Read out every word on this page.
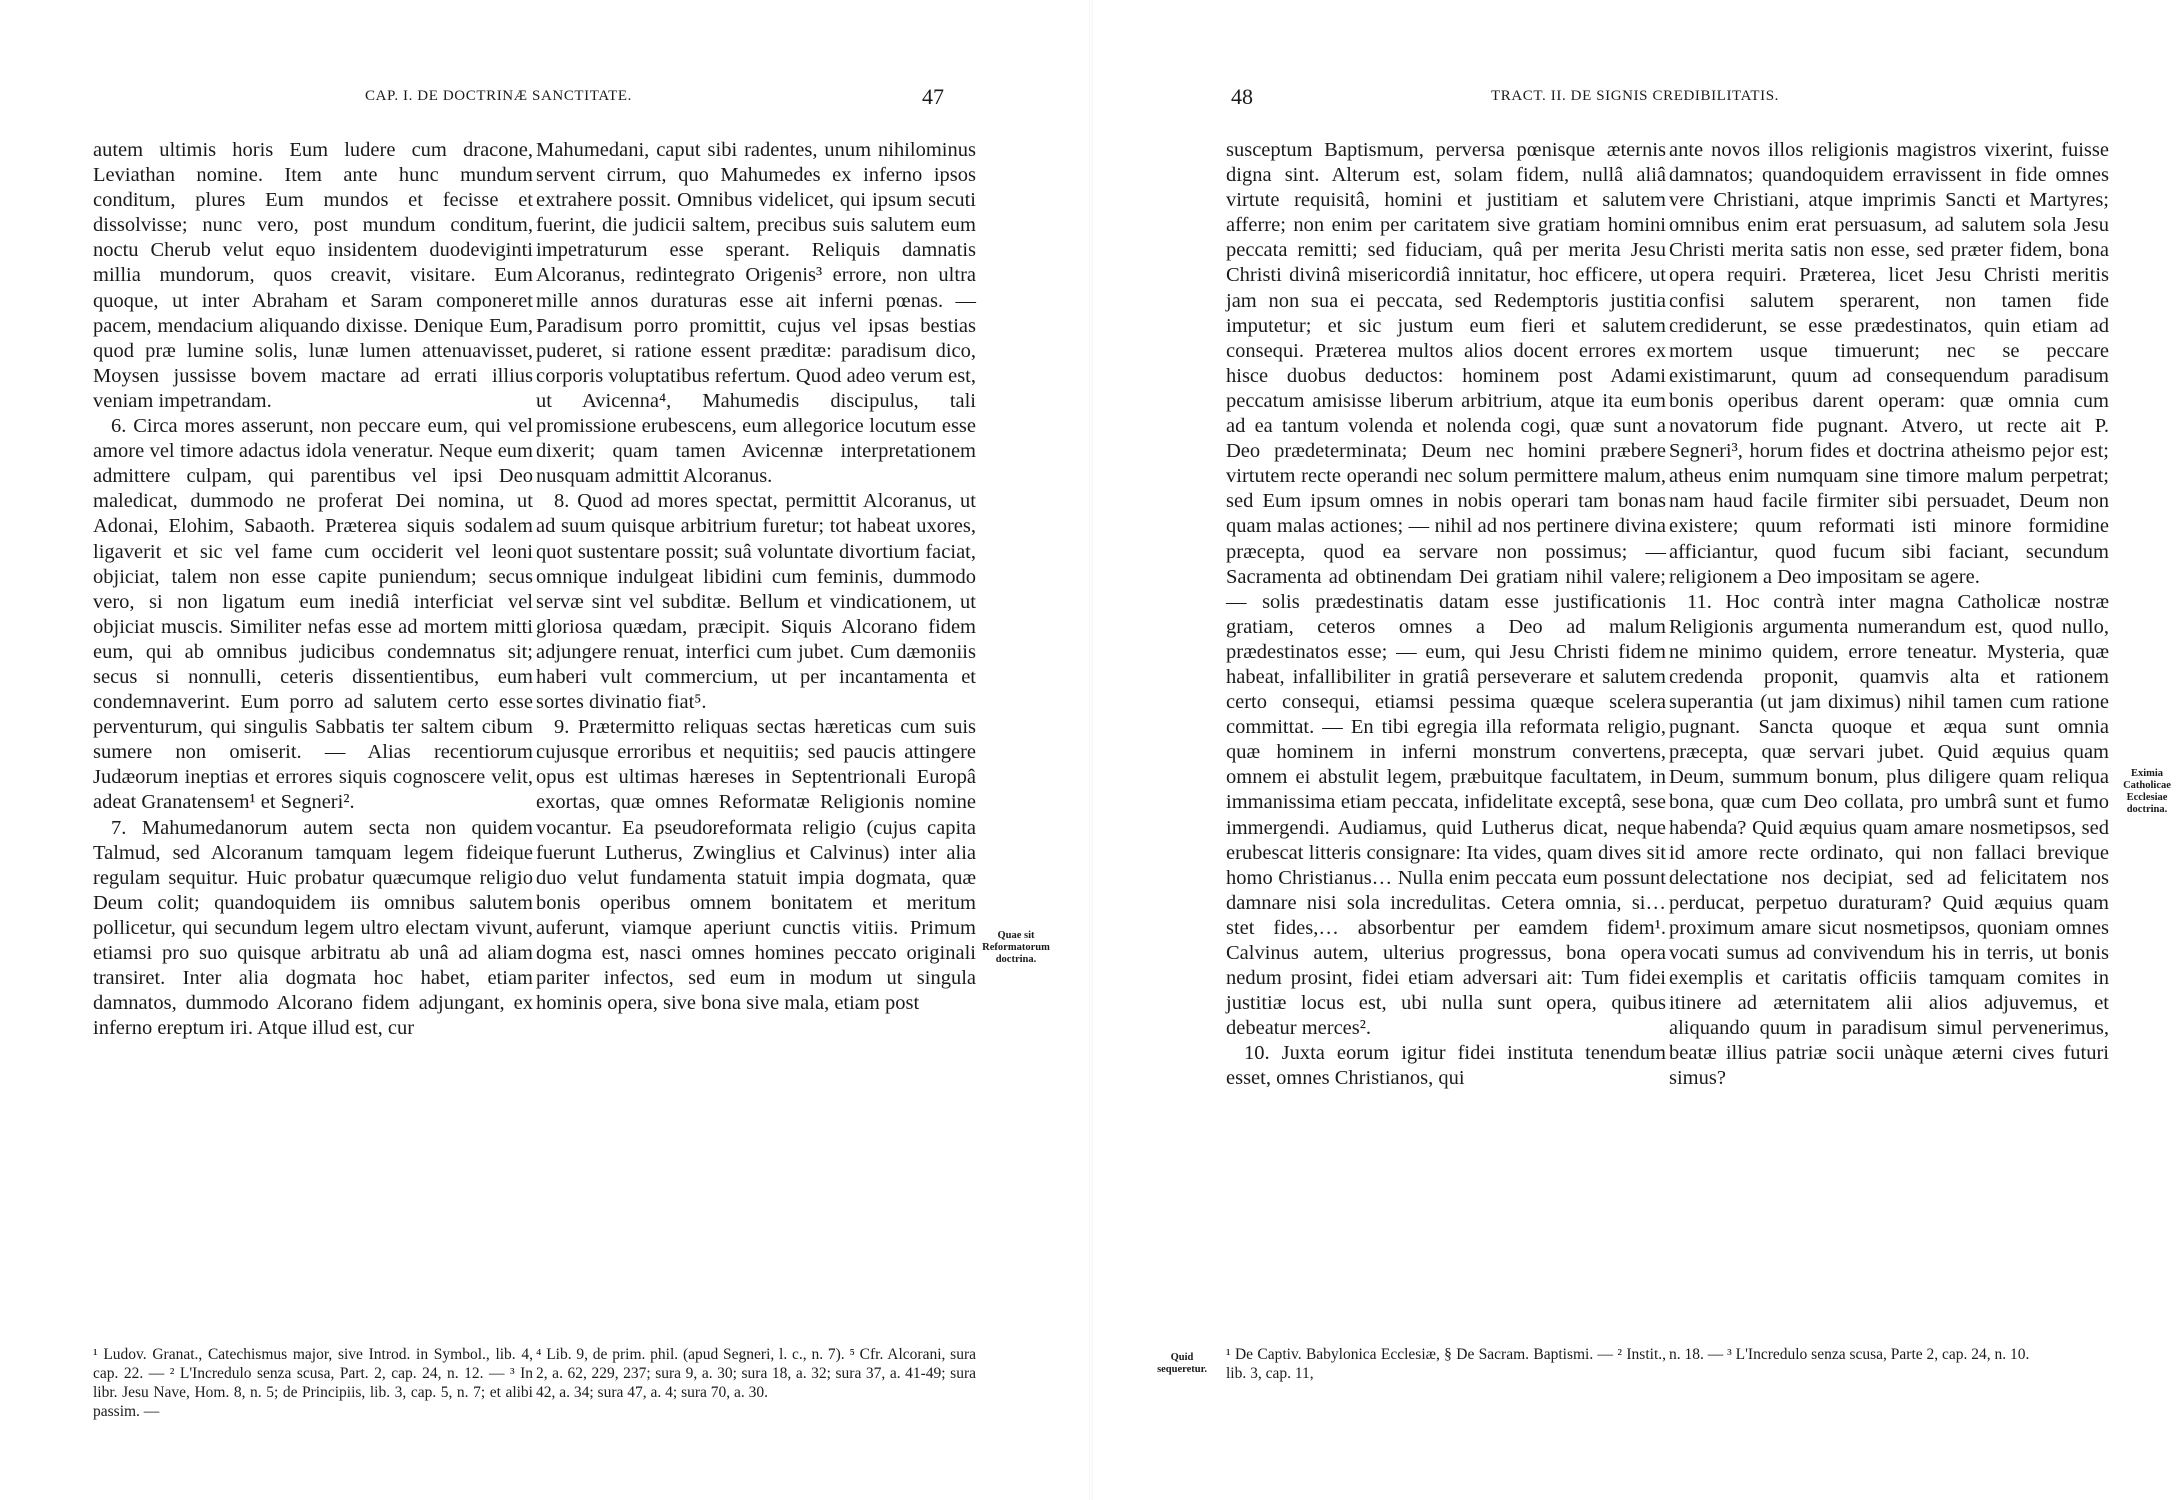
CAP. I. DE DOCTRINÆ SANCTITATE.	47

autem ultimis horis Eum ludere cum dracone, Leviathan nomine. Item ante hunc mundum conditum, plures Eum mundos et fecisse et dissolvisse; nunc vero, post mundum conditum, noctu Cherub velut equo insidentem duodeviginti millia mundorum, quos creavit, visitare. Eum quoque, ut inter Abraham et Saram componeret pacem, mendacium aliquando dixisse. Denique Eum, quod præ lumine solis, lunæ lumen attenuavisset, Moysen jussisse bovem mactare ad errati illius veniam impetrandam.

6. Circa mores asserunt, non peccare eum, qui vel amore vel timore adactus idola veneratur. Neque eum admittere culpam, qui parentibus vel ipsi Deo maledicat, dummodo ne proferat Dei nomina, ut Adonai, Elohim, Sabaoth. Præterea siquis sodalem ligaverit et sic vel fame cum occiderit vel leoni objiciat, talem non esse capite puniendum; secus vero, si non ligatum eum inediâ interficiat vel objiciat muscis. Similiter nefas esse ad mortem mitti eum, qui ab omnibus judicibus condemnatus sit; secus si nonnulli, ceteris dissentientibus, eum condemnaverint. Eum porro ad salutem certo esse perventurum, qui singulis Sabbatis ter saltem cibum sumere non omiserit. — Alias recentiorum Judæorum ineptias et errores siquis cognoscere velit, adeat Granatensem¹ et Segneri².

7. Mahumedanorum autem secta non quidem Talmud, sed Alcoranum tamquam legem fideique regulam sequitur. Huic probatur quæcumque religio Deum colit; quandoquidem iis omnibus salutem pollicetur, qui secundum legem ultro electam vivunt, etiamsi pro suo quisque arbitratu ab unâ ad aliam transiret. Inter alia dogmata hoc habet, etiam damnatos, dummodo Alcorano fidem adjungant, ex inferno ereptum iri. Atque illud est, cur

Mahumedani, caput sibi radentes, unum nihilominus servent cirrum, quo Mahumedes ex inferno ipsos extrahere possit. Omnibus videlicet, qui ipsum secuti fuerint, die judicii saltem, precibus suis salutem eum impetraturum esse sperant. Reliquis damnatis Alcoranus, redintegrato Origenis³ errore, non ultra mille annos duraturas esse ait inferni pœnas. — Paradisum porro promittit, cujus vel ipsas bestias puderet, si ratione essent præditæ: paradisum dico, corporis voluptatibus refertum. Quod adeo verum est, ut Avicenna⁴, Mahumedis discipulus, tali promissione erubescens, eum allegorice locutum esse dixerit; quam tamen Avicennæ interpretationem nusquam admittit Alcoranus.

8. Quod ad mores spectat, permittit Alcoranus, ut ad suum quisque arbitrium furetur; tot habeat uxores, quot sustentare possit; suâ voluntate divortium faciat, omnique indulgeat libidini cum feminis, dummodo servæ sint vel subditæ. Bellum et vindicationem, ut gloriosa quædam, præcipit. Siquis Alcorano fidem adjungere renuat, interfici cum jubet. Cum dæmoniis haberi vult commercium, ut per incantamenta et sortes divinatio fiat⁵.

9. Prætermitto reliquas sectas hæreticas cum suis cujusque erroribus et nequitiis; sed paucis attingere opus est ultimas hæreses in Septentrionali Europâ exortas, quæ omnes Reformatæ Religionis nomine vocantur. Ea pseudoreformata religio (cujus capita fuerunt Lutherus, Zwinglius et Calvinus) inter alia duo velut fundamenta statuit impia dogmata, quæ bonis operibus omnem bonitatem et meritum auferunt, viamque aperiunt cunctis vitiis. Primum dogma est, nasci omnes homines peccato originali pariter infectos, sed eum in modum ut singula hominis opera, sive bona sive mala, etiam post

Quae sit Reformatorum doctrina.
¹ Ludov. Granat., Catechismus major, sive Introd. in Symbol., lib. 4, cap. 22. — ² L'Incredulo senza scusa, Part. 2, cap. 24, n. 12. — ³ In libr. Jesu Nave, Hom. 8, n. 5; de Principiis, lib. 3, cap. 5, n. 7; et alibi passim. —
⁴ Lib. 9, de prim. phil. (apud Segneri, l. c., n. 7). ⁵ Cfr. Alcorani, sura 2, a. 62, 229, 237; sura 9, a. 30; sura 18, a. 32; sura 37, a. 41-49; sura 42, a. 34; sura 47, a. 4; sura 70, a. 30.
48	TRACT. II. DE SIGNIS CREDIBILITATIS.

susceptum Baptismum, perversa pœnisque æternis digna sint. Alterum est, solam fidem, nullâ aliâ virtute requisitâ, homini et justitiam et salutem afferre; non enim per caritatem sive gratiam homini peccata remitti; sed fiduciam, quâ per merita Jesu Christi divinâ misericordiâ innitatur, hoc efficere, ut jam non sua ei peccata, sed Redemptoris justitia imputetur; et sic justum eum fieri et salutem consequi. Præterea multos alios docent errores ex hisce duobus deductos: hominem post Adami peccatum amisisse liberum arbitrium, atque ita eum ad ea tantum volenda et nolenda cogi, quæ sunt a Deo prædeterminata; Deum nec homini præbere virtutem recte operandi nec solum permittere malum, sed Eum ipsum omnes in nobis operari tam bonas quam malas actiones; — nihil ad nos pertinere divina præcepta, quod ea servare non possimus; — Sacramenta ad obtinendam Dei gratiam nihil valere; — solis prædestinatis datam esse justificationis gratiam, ceteros omnes a Deo ad malum prædestinatos esse; — eum, qui Jesu Christi fidem habeat, infallibiliter in gratiâ perseverare et salutem certo consequi, etiamsi pessima quæque scelera committat. — En tibi egregia illa reformata religio, quæ hominem in inferni monstrum convertens, omnem ei abstulit legem, præbuitque facultatem, in immanissima etiam peccata, infidelitate exceptâ, sese immergendi. Audiamus, quid Lutherus dicat, neque erubescat litteris consignare: Ita vides, quam dives sit homo Christianus… Nulla enim peccata eum possunt damnare nisi sola incredulitas. Cetera omnia, si… stet fides,… absorbentur per eamdem fidem¹. Calvinus autem, ulterius progressus, bona opera nedum prosint, fidei etiam adversari ait: Tum fidei justitiæ locus est, ubi nulla sunt opera, quibus debeatur merces².

10. Juxta eorum igitur fidei instituta tenendum esset, omnes Christianos, qui

ante novos illos religionis magistros vixerint, fuisse damnatos; quandoquidem erravissent in fide omnes vere Christiani, atque imprimis Sancti et Martyres; omnibus enim erat persuasum, ad salutem sola Jesu Christi merita satis non esse, sed præter fidem, bona opera requiri. Præterea, licet Jesu Christi meritis confisi salutem sperarent, non tamen fide crediderunt, se esse prædestinatos, quin etiam ad mortem usque timuerunt; nec se peccare existimarunt, quum ad consequendum paradisum bonis operibus darent operam: quæ omnia cum novatorum fide pugnant. Atvero, ut recte ait P. Segneri³, horum fides et doctrina atheismo pejor est; atheus enim numquam sine timore malum perpetrat; nam haud facile firmiter sibi persuadet, Deum non existere; quum reformati isti minore formidine afficiantur, quod fucum sibi faciant, secundum religionem a Deo impositam se agere.

11. Hoc contrà inter magna Catholicæ nostræ Religionis argumenta numerandum est, quod nullo, ne minimo quidem, errore teneatur. Mysteria, quæ credenda proponit, quamvis alta et rationem superantia (ut jam diximus) nihil tamen cum ratione pugnant. Sancta quoque et æqua sunt omnia præcepta, quæ servari jubet. Quid æquius quam Deum, summum bonum, plus diligere quam reliqua bona, quæ cum Deo collata, pro umbrâ sunt et fumo habenda? Quid æquius quam amare nosmetipsos, sed id amore recte ordinato, qui non fallaci brevique delectatione nos decipiat, sed ad felicitatem nos perducat, perpetuo duraturam? Quid æquius quam proximum amare sicut nosmetipsos, quoniam omnes vocati sumus ad convivendum his in terris, ut bonis exemplis et caritatis officiis tamquam comites in itinere ad æternitatem alii alios adjuvemus, et aliquando quum in paradisum simul pervenerimus, beatæ illius patriæ socii unàque æterni cives futuri simus?

Quid sequeretur.
Eximia Catholicae Ecclesiae doctrina.
¹ De Captiv. Babylonica Ecclesiæ, § De Sacram. Baptismi. — ² Instit., lib. 3, cap. 11,
n. 18. — ³ L'Incredulo senza scusa, Parte 2, cap. 24, n. 10.
